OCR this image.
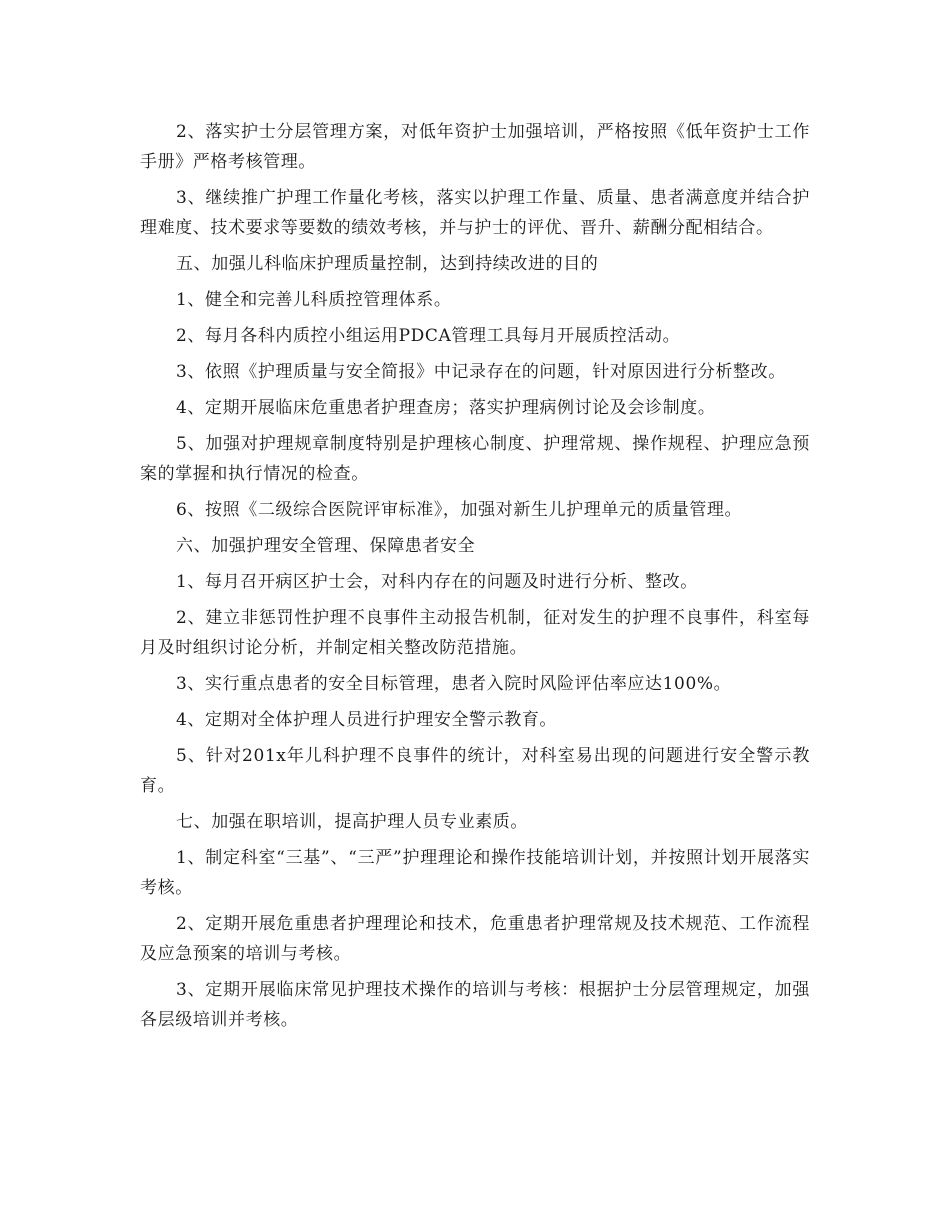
2、落实护士分层管理方案，对低年资护士加强培训，严格按照《低年资护士工作手册》严格考核管理。

3、继续推广护理工作量化考核，落实以护理工作量、质量、患者满意度并结合护理难度、技术要求等要数的绩效考核，并与护士的评优、晋升、薪酬分配相结合。

五、加强儿科临床护理质量控制，达到持续改进的目的

1、健全和完善儿科质控管理体系。

2、每月各科内质控小组运用PDCA管理工具每月开展质控活动。

3、依照《护理质量与安全简报》中记录存在的问题，针对原因进行分析整改。

4、定期开展临床危重患者护理查房；落实护理病例讨论及会诊制度。

5、加强对护理规章制度特别是护理核心制度、护理常规、操作规程、护理应急预案的掌握和执行情况的检查。

6、按照《二级综合医院评审标准》，加强对新生儿护理单元的质量管理。

六、加强护理安全管理、保障患者安全

1、每月召开病区护士会，对科内存在的问题及时进行分析、整改。

2、建立非惩罚性护理不良事件主动报告机制，征对发生的护理不良事件，科室每月及时组织讨论分析，并制定相关整改防范措施。

3、实行重点患者的安全目标管理，患者入院时风险评估率应达100%。

4、定期对全体护理人员进行护理安全警示教育。

5、针对201x年儿科护理不良事件的统计，对科室易出现的问题进行安全警示教育。

七、加强在职培训，提高护理人员专业素质。

1、制定科室“三基”、“三严”护理理论和操作技能培训计划，并按照计划开展落实考核。

2、定期开展危重患者护理理论和技术，危重患者护理常规及技术规范、工作流程及应急预案的培训与考核。

3、定期开展临床常见护理技术操作的培训与考核：根据护士分层管理规定，加强各层级培训并考核。
